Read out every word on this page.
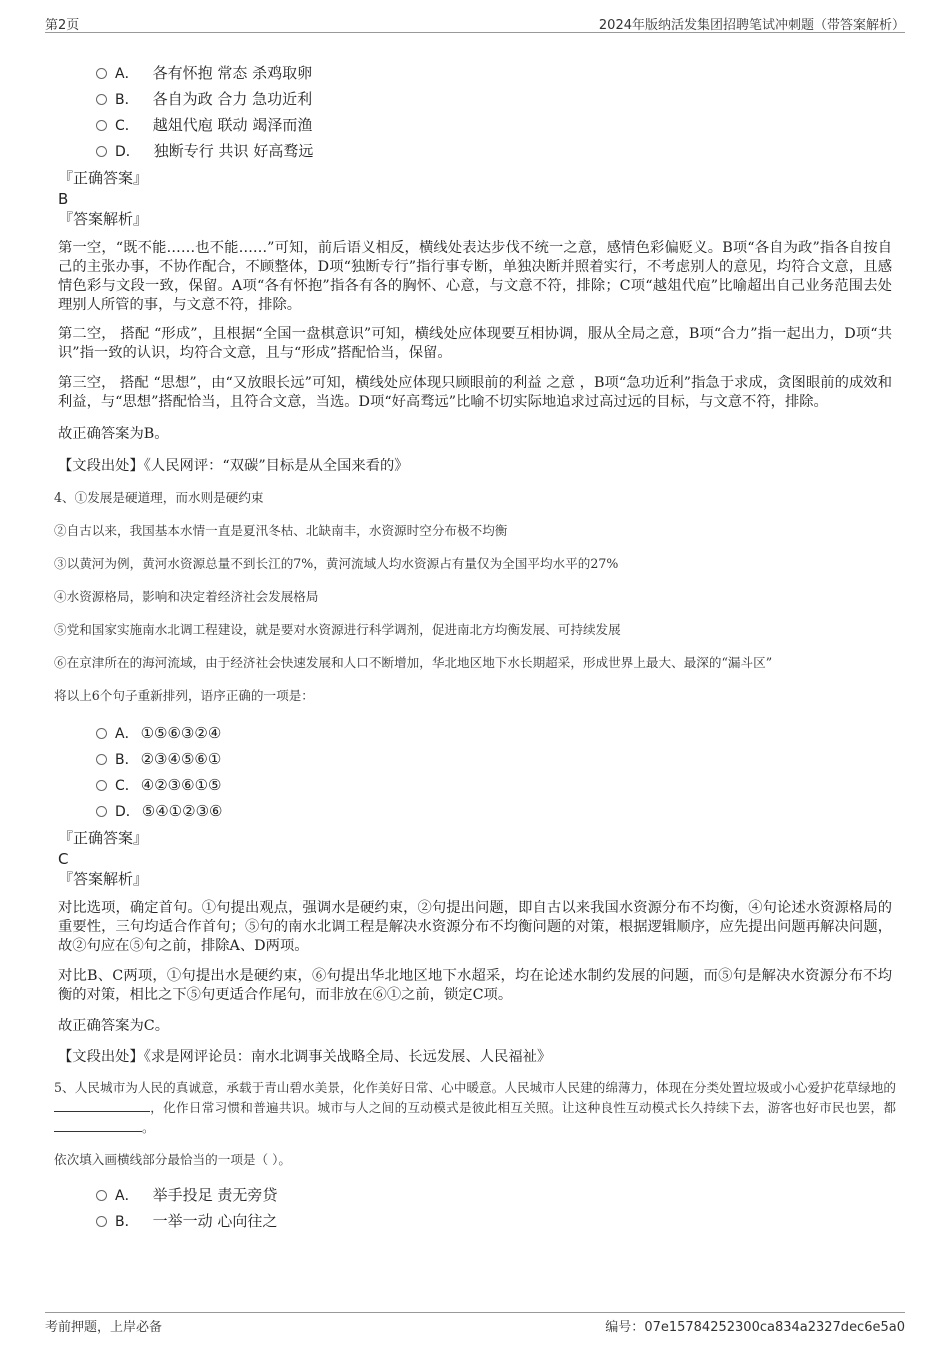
第2页	2024年版纳活发集团招聘笔试冲刺题（带答案解析）
A． 各有怀抱 常态 杀鸡取卵
B． 各自为政 合力 急功近利
C． 越俎代庖 联动 竭泽而渔
D． 独断专行 共识 好高骛远
『正确答案』
B
『答案解析』
第一空，“既不能……也不能……”可知，前后语义相反，横线处表达步伐不统一之意，感情色彩偏贬义。B项“各自为政”指各自按自己的主张办事，不协作配合，不顾整体，D项“独断专行”指行事专断，单独决断并照着实行，不考虑别人的意见，均符合文意，且感情色彩与文段一致，保留。A项“各有怀抱”指各有各的胸怀、心意，与文意不符，排除；C项“越俎代庖”比喻超出自己业务范围去处理别人所管的事，与文意不符，排除。
第二空， 搭配 “形成”，且根据“全国一盘棋意识”可知，横线处应体现要互相协调，服从全局之意，B项“合力”指一起出力，D项“共识”指一致的认识，均符合文意，且与“形成”搭配恰当，保留。
第三空， 搭配 “思想”，由“又放眼长远”可知，横线处应体现只顾眼前的利益 之意 ，B项“急功近利”指急于求成，贪图眼前的成效和利益，与“思想”搭配恰当，且符合文意，当选。D项“好高骛远”比喻不切实际地追求过高过远的目标，与文意不符，排除。
故正确答案为B。
【文段出处】《人民网评：“双碳”目标是从全国来看的》
4、①发展是硬道理，而水则是硬约束
②自古以来，我国基本水情一直是夏汛冬枯、北缺南丰，水资源时空分布极不均衡
③以黄河为例，黄河水资源总量不到长江的7%，黄河流域人均水资源占有量仅为全国平均水平的27%
④水资源格局，影响和决定着经济社会发展格局
⑤党和国家实施南水北调工程建设，就是要对水资源进行科学调剂，促进南北方均衡发展、可持续发展
⑥在京津所在的海河流域，由于经济社会快速发展和人口不断增加，华北地区地下水长期超采，形成世界上最大、最深的“漏斗区”
将以上6个句子重新排列，语序正确的一项是：
A． ①⑤⑥③②④
B． ②③④⑤⑥①
C． ④②③⑥①⑤
D． ⑤④①②③⑥
『正确答案』
C
『答案解析』
对比选项，确定首句。①句提出观点，强调水是硬约束，②句提出问题，即自古以来我国水资源分布不均衡，④句论述水资源格局的重要性，三句均适合作首句；⑤句的南水北调工程是解决水资源分布不均衡问题的对策，根据逻辑顺序，应先提出问题再解决问题，故②句应在⑤句之前，排除A、D两项。
对比B、C两项，①句提出水是硬约束，⑥句提出华北地区地下水超采，均在论述水制约发展的问题，而⑤句是解决水资源分布不均衡的对策，相比之下⑤句更适合作尾句，而非放在⑥①之前，锁定C项。
故正确答案为C。
【文段出处】《求是网评论员：南水北调事关战略全局、长远发展、人民福祉》
5、人民城市为人民的真诚意，承载于青山碧水美景，化作美好日常、心中暖意。人民城市人民建的绵薄力，体现在分类处置垃圾或小心爱护花草绿地的，化作日常习惯和普遍共识。城市与人之间的互动模式是彼此相互关照。让这种良性互动模式长久持续下去，游客也好市民也罢，都。
依次填入画横线部分最恰当的一项是（ ）。
A． 举手投足 责无旁贷
B． 一举一动 心向往之
考前押题，上岸必备	编号：07e15784252300ca834a2327dec6e5a0
